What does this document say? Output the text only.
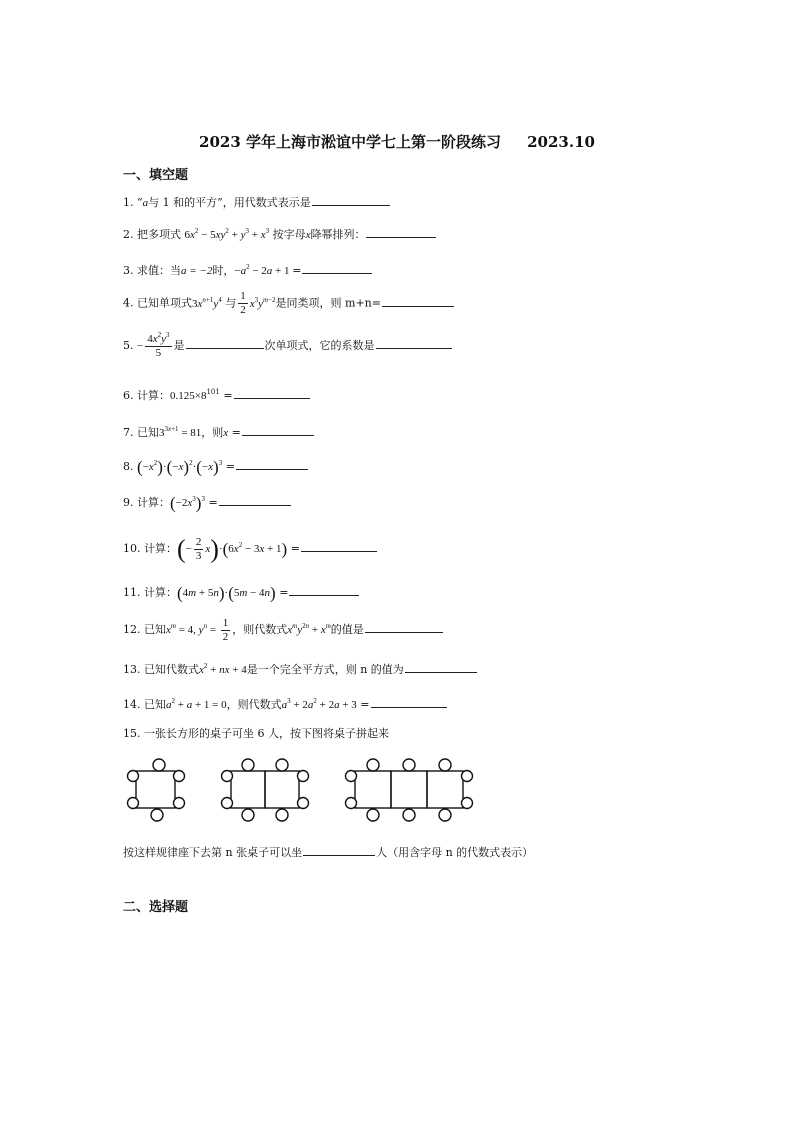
2023 学年上海市淞谊中学七上第一阶段练习     2023.10
一、填空题
1. “a与 1 和的平方”，用代数式表示是
2. 把多项式 $6x^2 - 5xy^2 + y^3 + x^3$ 按字母x降幂排列：
3. 求值：当a = −2时，$-a^2 - 2a + 1$ =
4. 已知单项式$3x^{n+1}y^4$ 与 $\frac{1}{2} x^3y^{m-2}$是同类项，则 m+n=
5. − $\frac{4x^2y^3}{5}$ 是	次单项式，它的系数是
6. 计算：$0.125\times 8^{101}$ =
7. 已知$3^{3x+1} = 81$，则x =
8. $(-x^2)\cdot(-x)^2\cdot(-x)^3$ =
9. 计算：$(-2x^3)^3$ =
10. 计算：(− $\frac{2}{3} x)\cdot(6x^2 - 3x + 1)$ =
11. 计算：(4m + 5n)·(5m − 4n) =
12. 已知$x^m = 4$, $y^n = \frac{1}{2}$ ，则代数式$x^my^{2n} + x^m$的值是
13. 已知代数式$x^2$ + nx + 4是一个完全平方式，则 n 的值为
14. 已知$a^2 + a + 1 = 0$，则代数式$a^3 + 2a^2 + 2a + 3$ =
15. 一张长方形的桌子可坐 6 人，按下图将桌子拼起来
按这样规律座下去第 n 张桌子可以坐	人（用含字母 n 的代数式表示）
二、选择题
